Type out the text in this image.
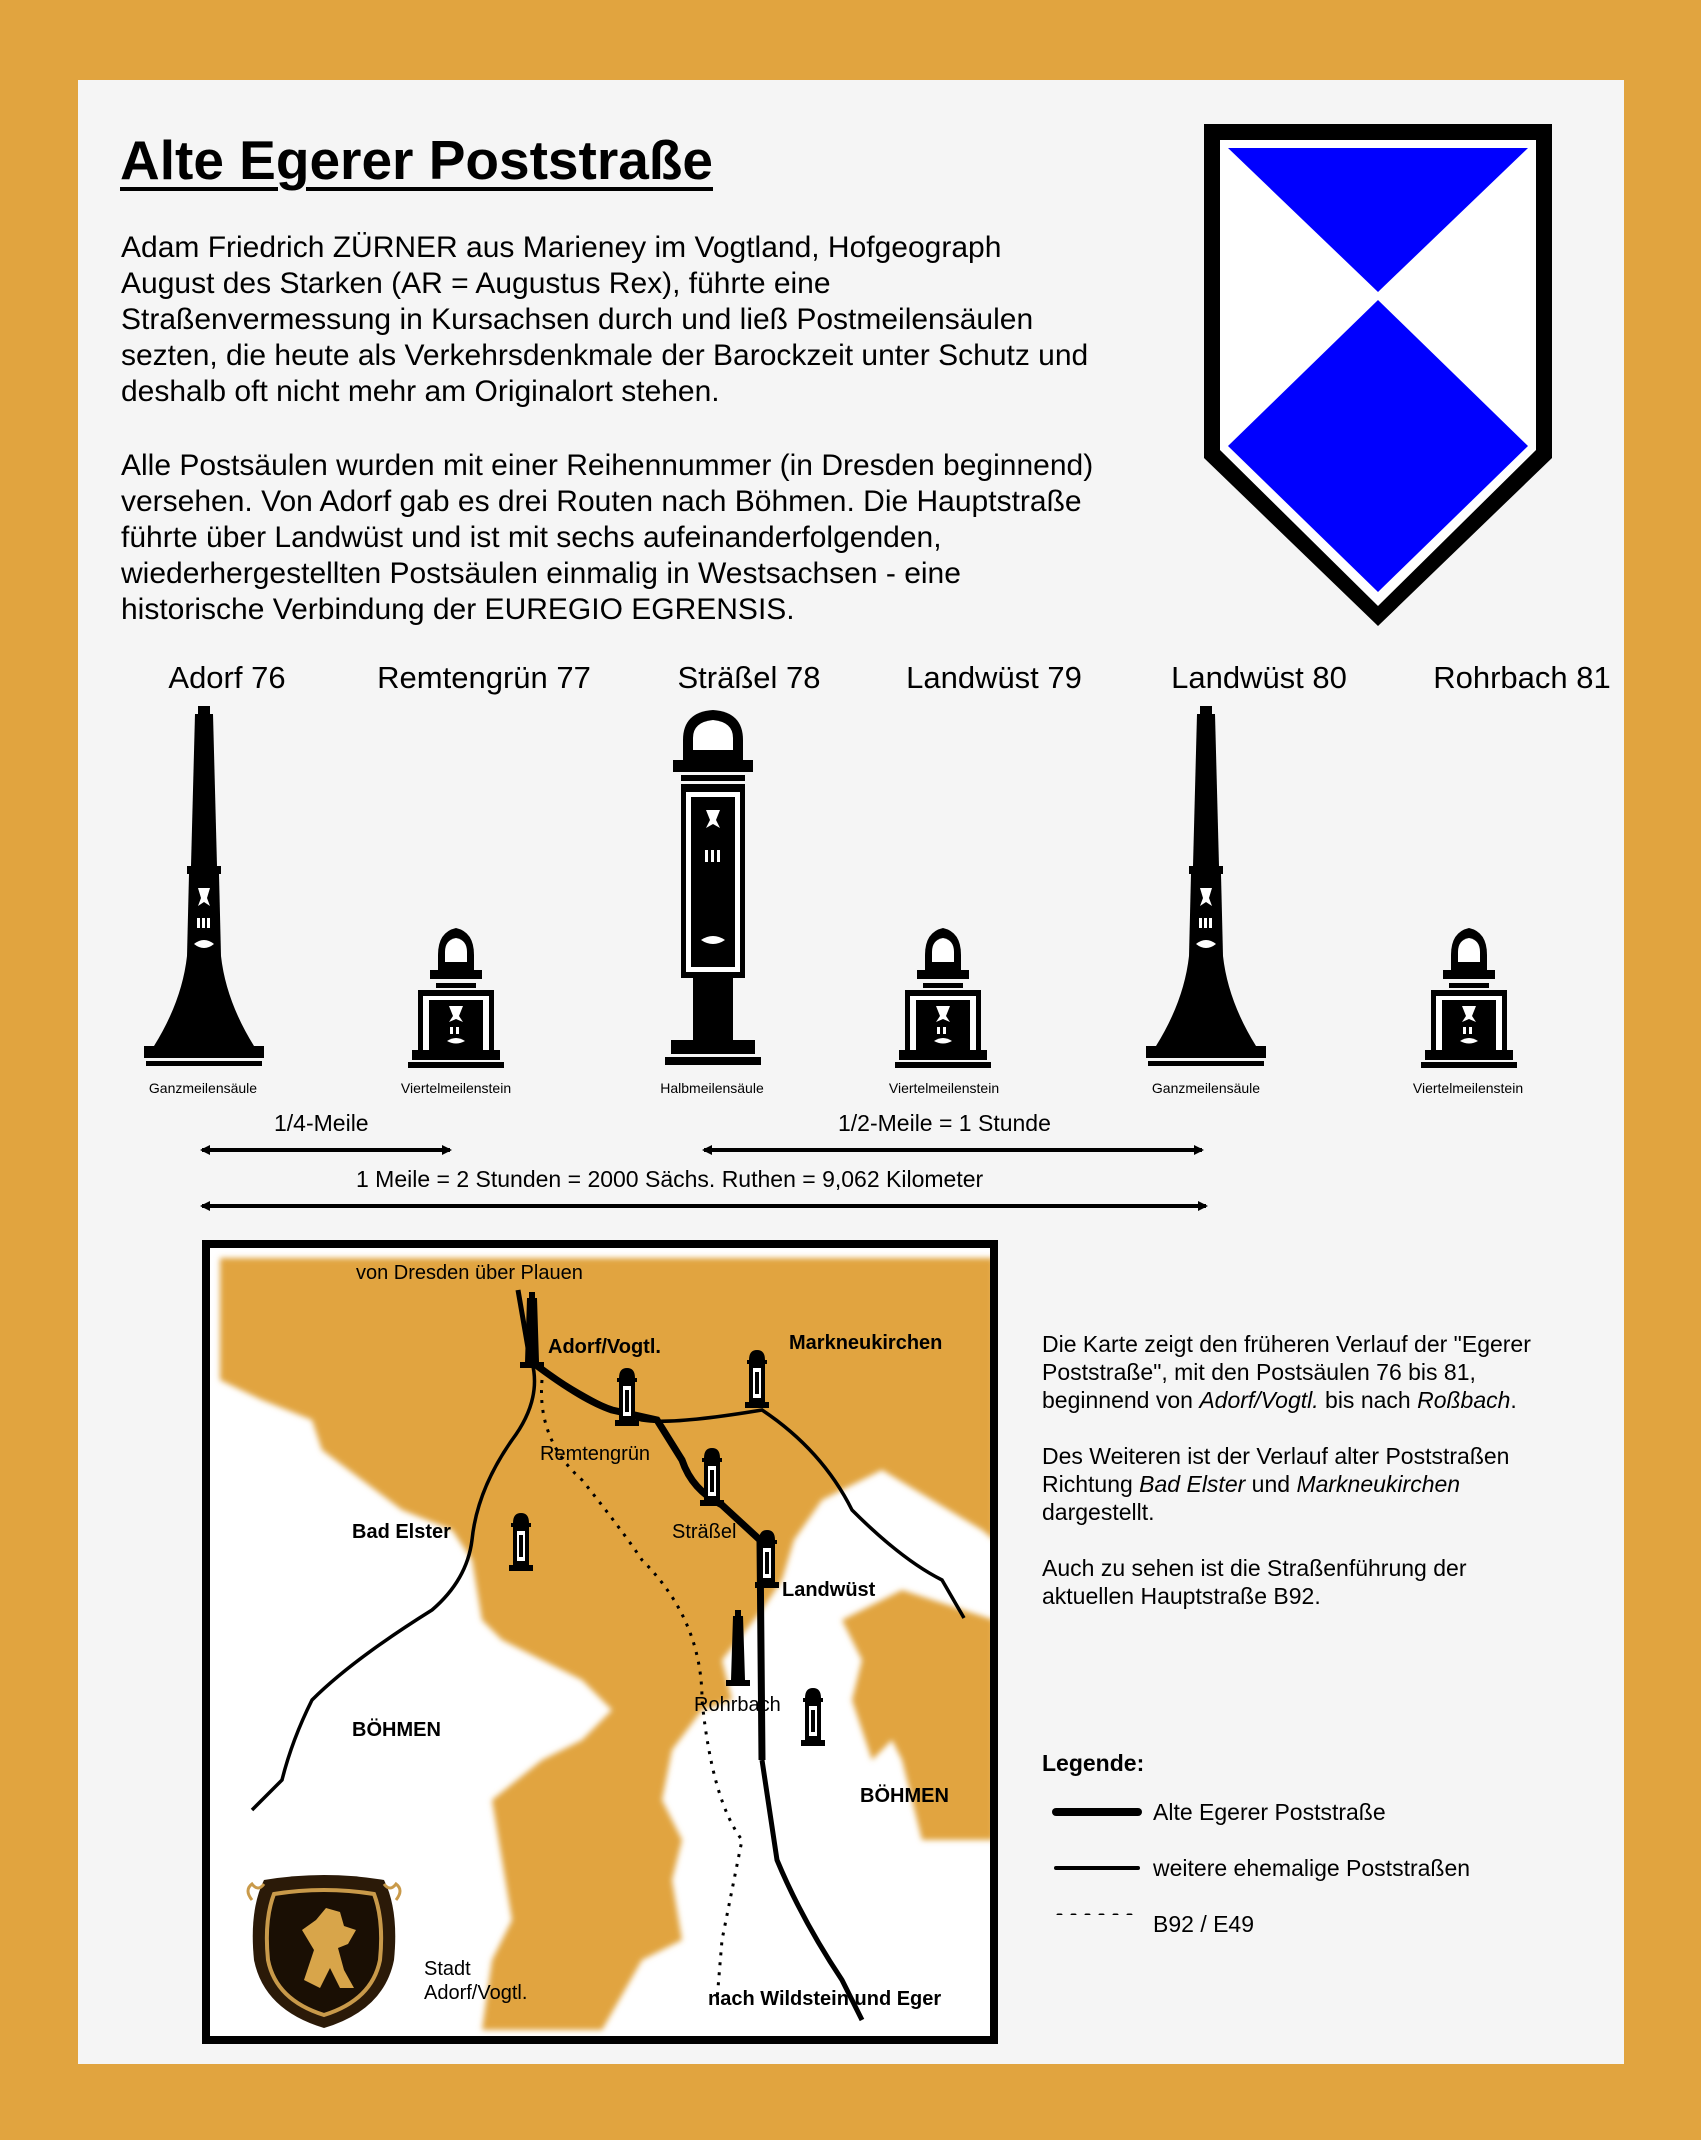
Alte Egerer Poststraße
Adam Friedrich ZÜRNER aus Marieney im Vogtland, Hofgeograph
August des Starken (AR = Augustus Rex), führte eine
Straßenvermessung in Kursachsen durch und ließ Postmeilensäulen
sezten, die heute als Verkehrsdenkmale der Barockzeit unter Schutz und
deshalb oft nicht mehr am Originalort stehen.
Alle Postsäulen wurden mit einer Reihennummer (in Dresden beginnend)
versehen. Von Adorf gab es drei Routen nach Böhmen. Die Hauptstraße
führte über Landwüst und ist mit sechs aufeinanderfolgenden,
wiederhergestellten Postsäulen einmalig in Westsachsen - eine
historische Verbindung der EUREGIO EGRENSIS.
Adorf 76	Remtengrün 77	Sträßel 78	Landwüst 79	Landwüst 80	Rohrbach 81
Ganzmeilensäule	Viertelmeilenstein	Halbmeilensäule	Viertelmeilenstein	Ganzmeilensäule	Viertelmeilenstein
1/4-Meile	1/2-Meile = 1 Stunde
1 Meile = 2 Stunden = 2000 Sächs. Ruthen = 9,062 Kilometer
von Dresden über Plauen
Adorf/Vogtl.	Markneukirchen
Remtengrün
Bad Elster	Sträßel
Landwüst
Rohrbach
BÖHMEN
BÖHMEN
Stadt
Adorf/Vogtl.	nach Wildstein und Eger

Die Karte zeigt den früheren Verlauf der "Egerer Poststraße", mit den Postsäulen 76 bis 81, beginnend von Adorf/Vogtl. bis nach Roßbach.

Des Weiteren ist der Verlauf alter Poststraßen Richtung Bad Elster und Markneukirchen dargestellt.

Auch zu sehen ist die Straßenführung der aktuellen Hauptstraße B92.

Legende:
Alte Egerer Poststraße
weitere ehemalige Poststraßen
B92 / E49
